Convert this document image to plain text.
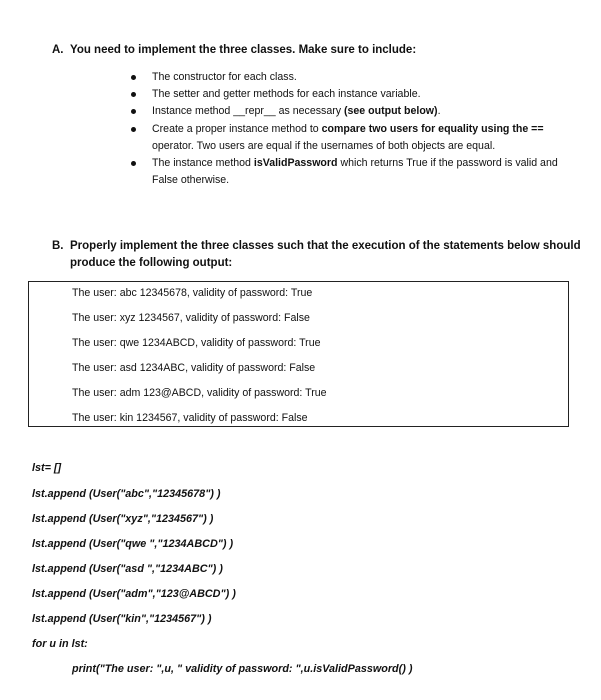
A. You need to implement the three classes. Make sure to include:
The constructor for each class.
The setter and getter methods for each instance variable.
Instance method __repr__ as necessary (see output below).
Create a proper instance method to compare two users for equality using the == operator. Two users are equal if the usernames of both objects are equal.
The instance method isValidPassword which returns True if the password is valid and False otherwise.
B. Properly implement the three classes such that the execution of the statements below should
produce the following output:
The user: abc 12345678, validity of password: True
The user: xyz 1234567, validity of password: False
The user: qwe 1234ABCD, validity of password: True
The user: asd 1234ABC, validity of password: False
The user: adm 123@ABCD, validity of password: True
The user: kin 1234567, validity of password: False
lst= []
lst.append (User("abc","12345678") )
lst.append (User("xyz","1234567") )
lst.append (User("qwe ","1234ABCD") )
lst.append (User("asd ","1234ABC") )
lst.append (User("adm","123@ABCD") )
lst.append (User("kin","1234567") )
for u in lst:
print("The user: ",u, " validity of password: ",u.isValidPassword() )
